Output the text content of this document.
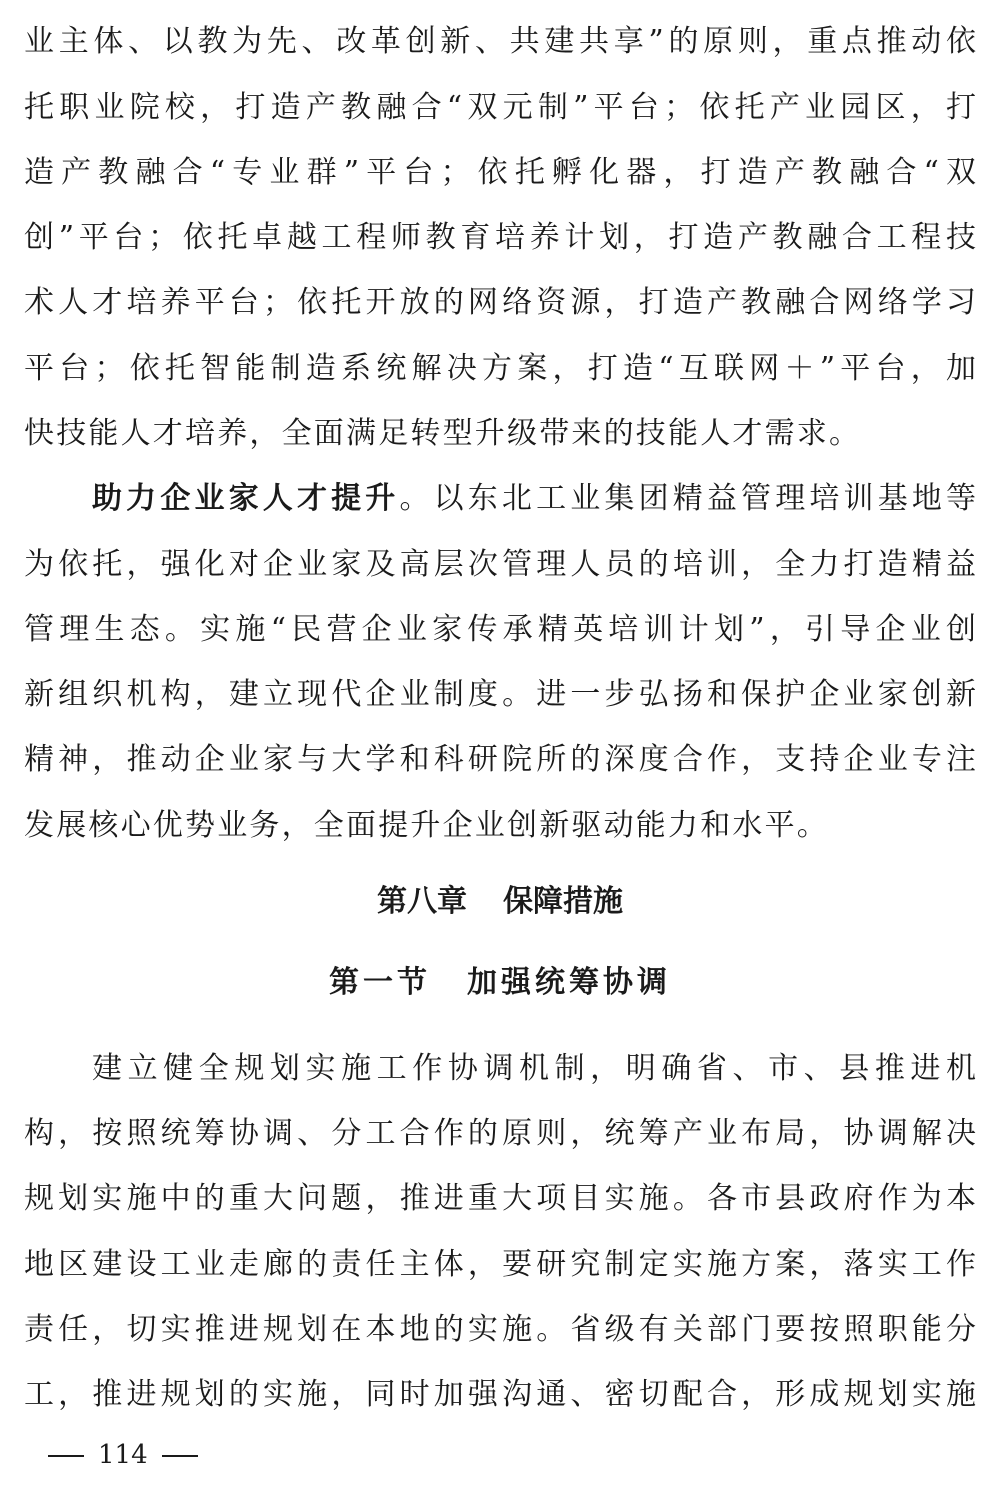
业主体、以教为先、改革创新、共建共享”的原则，重点推动依
托职业院校，打造产教融合“双元制”平台；依托产业园区，打
造产教融合“专业群”平台；依托孵化器，打造产教融合“双
创”平台；依托卓越工程师教育培养计划，打造产教融合工程技
术人才培养平台；依托开放的网络资源，打造产教融合网络学习
平台；依托智能制造系统解决方案，打造“互联网＋”平台，加
快技能人才培养，全面满足转型升级带来的技能人才需求。
助力企业家人才提升。以东北工业集团精益管理培训基地等
为依托，强化对企业家及高层次管理人员的培训，全力打造精益
管理生态。实施“民营企业家传承精英培训计划”，引导企业创
新组织机构，建立现代企业制度。进一步弘扬和保护企业家创新
精神，推动企业家与大学和科研院所的深度合作，支持企业专注
发展核心优势业务，全面提升企业创新驱动能力和水平。
第八章 保障措施
第一节 加强统筹协调
建立健全规划实施工作协调机制，明确省、市、县推进机
构，按照统筹协调、分工合作的原则，统筹产业布局，协调解决
规划实施中的重大问题，推进重大项目实施。各市县政府作为本
地区建设工业走廊的责任主体，要研究制定实施方案，落实工作
责任，切实推进规划在本地的实施。省级有关部门要按照职能分
工，推进规划的实施，同时加强沟通、密切配合，形成规划实施
114
